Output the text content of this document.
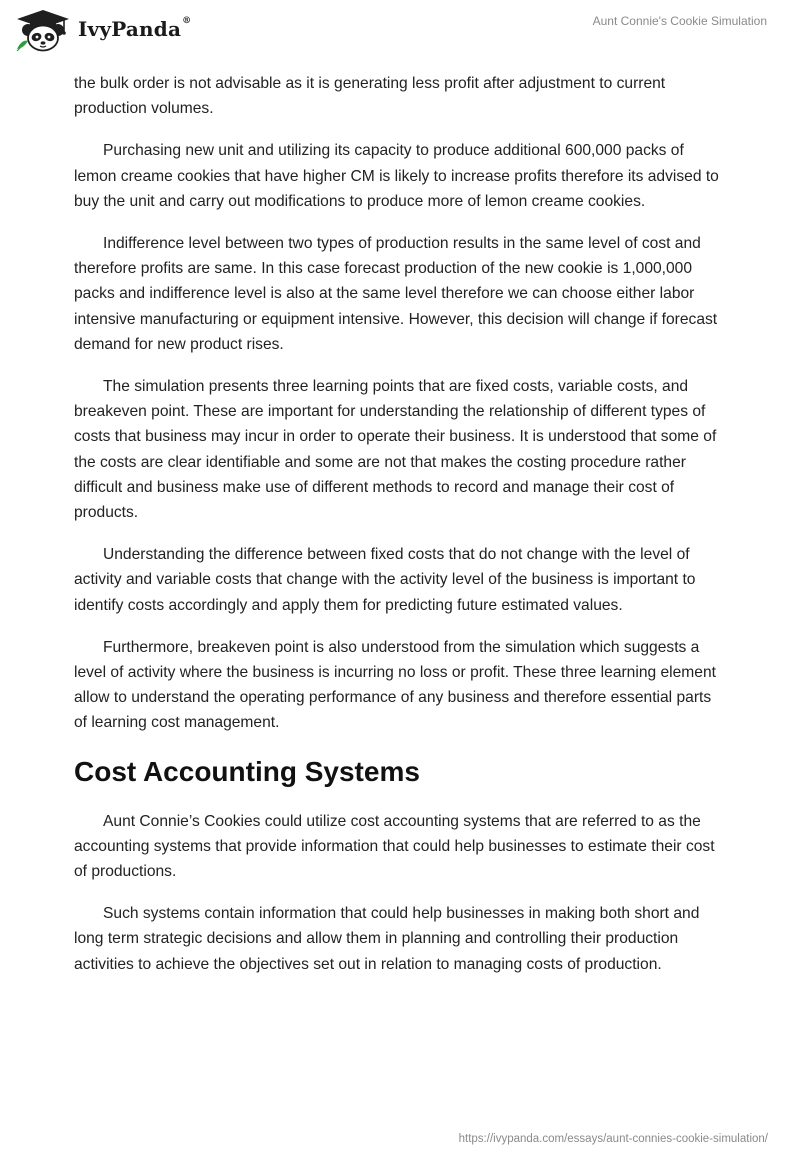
IvyPanda®	Aunt Connie's Cookie Simulation

the bulk order is not advisable as it is generating less profit after adjustment to current production volumes.

Purchasing new unit and utilizing its capacity to produce additional 600,000 packs of lemon creame cookies that have higher CM is likely to increase profits therefore its advised to buy the unit and carry out modifications to produce more of lemon creame cookies.

Indifference level between two types of production results in the same level of cost and therefore profits are same. In this case forecast production of the new cookie is 1,000,000 packs and indifference level is also at the same level therefore we can choose either labor intensive manufacturing or equipment intensive. However, this decision will change if forecast demand for new product rises.

The simulation presents three learning points that are fixed costs, variable costs, and breakeven point. These are important for understanding the relationship of different types of costs that business may incur in order to operate their business. It is understood that some of the costs are clear identifiable and some are not that makes the costing procedure rather difficult and business make use of different methods to record and manage their cost of products.

Understanding the difference between fixed costs that do not change with the level of activity and variable costs that change with the activity level of the business is important to identify costs accordingly and apply them for predicting future estimated values.

Furthermore, breakeven point is also understood from the simulation which suggests a level of activity where the business is incurring no loss or profit. These three learning element allow to understand the operating performance of any business and therefore essential parts of learning cost management.

Cost Accounting Systems

Aunt Connie’s Cookies could utilize cost accounting systems that are referred to as the accounting systems that provide information that could help businesses to estimate their cost of productions.

Such systems contain information that could help businesses in making both short and long term strategic decisions and allow them in planning and controlling their production activities to achieve the objectives set out in relation to managing costs of production.

https://ivypanda.com/essays/aunt-connies-cookie-simulation/
